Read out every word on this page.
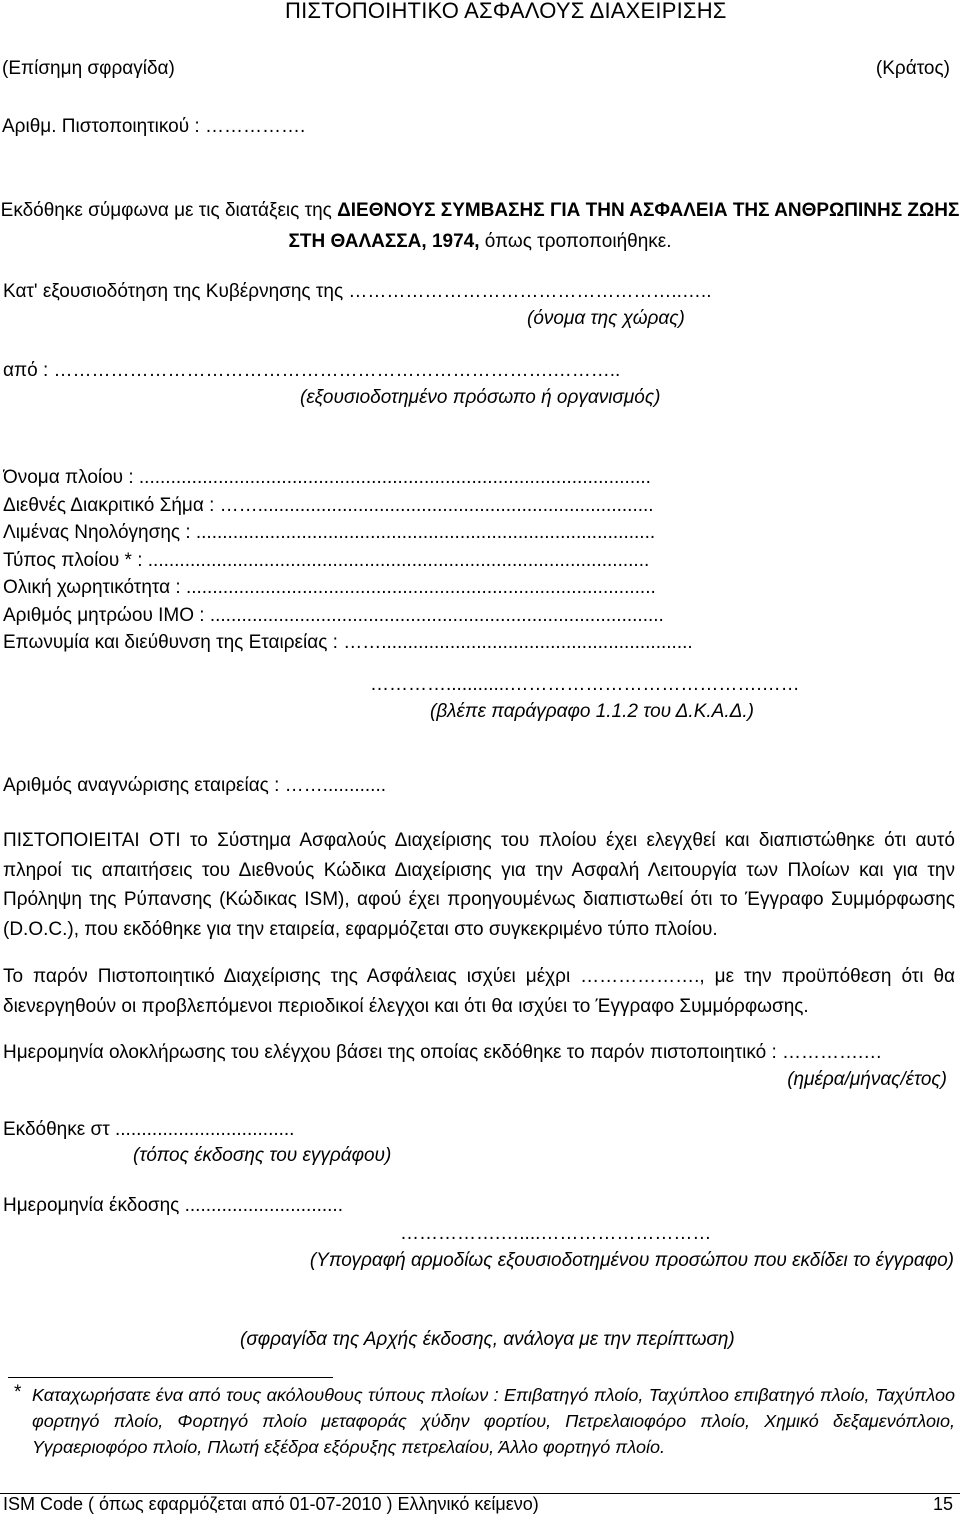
ΠΙΣΤΟΠΟΙΗΤΙΚΟ ΑΣΦΑΛΟΥΣ ΔΙΑΧΕΙΡΙΣΗΣ
(Επίσημη σφραγίδα)	(Κράτος)
Αριθμ. Πιστοποιητικού : …………….
Εκδόθηκε σύμφωνα με τις διατάξεις της ΔΙΕΘΝΟΥΣ ΣΥΜΒΑΣΗΣ ΓΙΑ ΤΗΝ ΑΣΦΑΛΕΙΑ ΤΗΣ ΑΝΘΡΩΠΙΝΗΣ ΖΩΗΣ ΣΤΗ ΘΑΛΑΣΣΑ, 1974, όπως τροποποιήθηκε.
Κατ' εξουσιοδότηση της Κυβέρνησης της ……………………………………………..…..
(όνομα της χώρας)
από : …………………………………………………………………….………..
(εξουσιοδοτημένο πρόσωπο ή οργανισμός)
Όνομα πλοίου : .................................................................................................
Διεθνές Διακριτικό Σήμα : ……...........................................................................
Λιμένας Νηολόγησης : .......................................................................................
Τύπος πλοίου * : ...............................................................................................
Ολική χωρητικότητα : .........................................................................................
Αριθμός μητρώου ΙΜΟ : ......................................................................................
Επωνυμία και διεύθυνση της Εταιρείας : ……...........................................................
…………............………………………………….……
(βλέπε παράγραφο 1.1.2 του Δ.Κ.Α.Δ.)
Αριθμός αναγνώρισης εταιρείας : ……............
ΠΙΣΤΟΠΟΙΕΙΤΑΙ ΟΤΙ το Σύστημα Ασφαλούς Διαχείρισης του πλοίου έχει ελεγχθεί και διαπιστώθηκε ότι αυτό πληροί τις απαιτήσεις του Διεθνούς Κώδικα Διαχείρισης για την Ασφαλή Λειτουργία των Πλοίων και για την Πρόληψη της Ρύπανσης (Κώδικας ISM), αφού έχει προηγουμένως διαπιστωθεί ότι το Έγγραφο Συμμόρφωσης (D.O.C.), που εκδόθηκε για την εταιρεία, εφαρμόζεται στο συγκεκριμένο τύπο πλοίου.
Το παρόν Πιστοποιητικό Διαχείρισης της Ασφάλειας ισχύει μέχρι ………………., με την προϋπόθεση ότι θα διενεργηθούν οι προβλεπόμενοι περιοδικοί έλεγχοι και ότι θα ισχύει το Έγγραφο Συμμόρφωσης.
Ημερομηνία ολοκλήρωσης του ελέγχου βάσει της οποίας εκδόθηκε το παρόν πιστοποιητικό : ………….…
(ημέρα/μήνας/έτος)
Εκδόθηκε στ ..................................
(τόπος έκδοσης του εγγράφου)
Ημερομηνία έκδοσης ..............................
…………….…....………………………
(Υπογραφή αρμοδίως εξουσιοδοτημένου προσώπου που εκδίδει το έγγραφο)
(σφραγίδα της Αρχής έκδοσης, ανάλογα με την περίπτωση)
* Καταχωρήσατε ένα από τους ακόλουθους τύπους πλοίων : Επιβατηγό πλοίο, Ταχύπλοο επιβατηγό πλοίο, Ταχύπλοο φορτηγό πλοίο, Φορτηγό πλοίο μεταφοράς χύδην φορτίου, Πετρελαιοφόρο πλοίο, Χημικό δεξαμενόπλοιο, Υγραεριοφόρο πλοίο, Πλωτή εξέδρα εξόρυξης πετρελαίου, Άλλο φορτηγό πλοίο.
ISM Code ( όπως εφαρμόζεται από 01-07-2010 ) Ελληνικό κείμενο)	15
